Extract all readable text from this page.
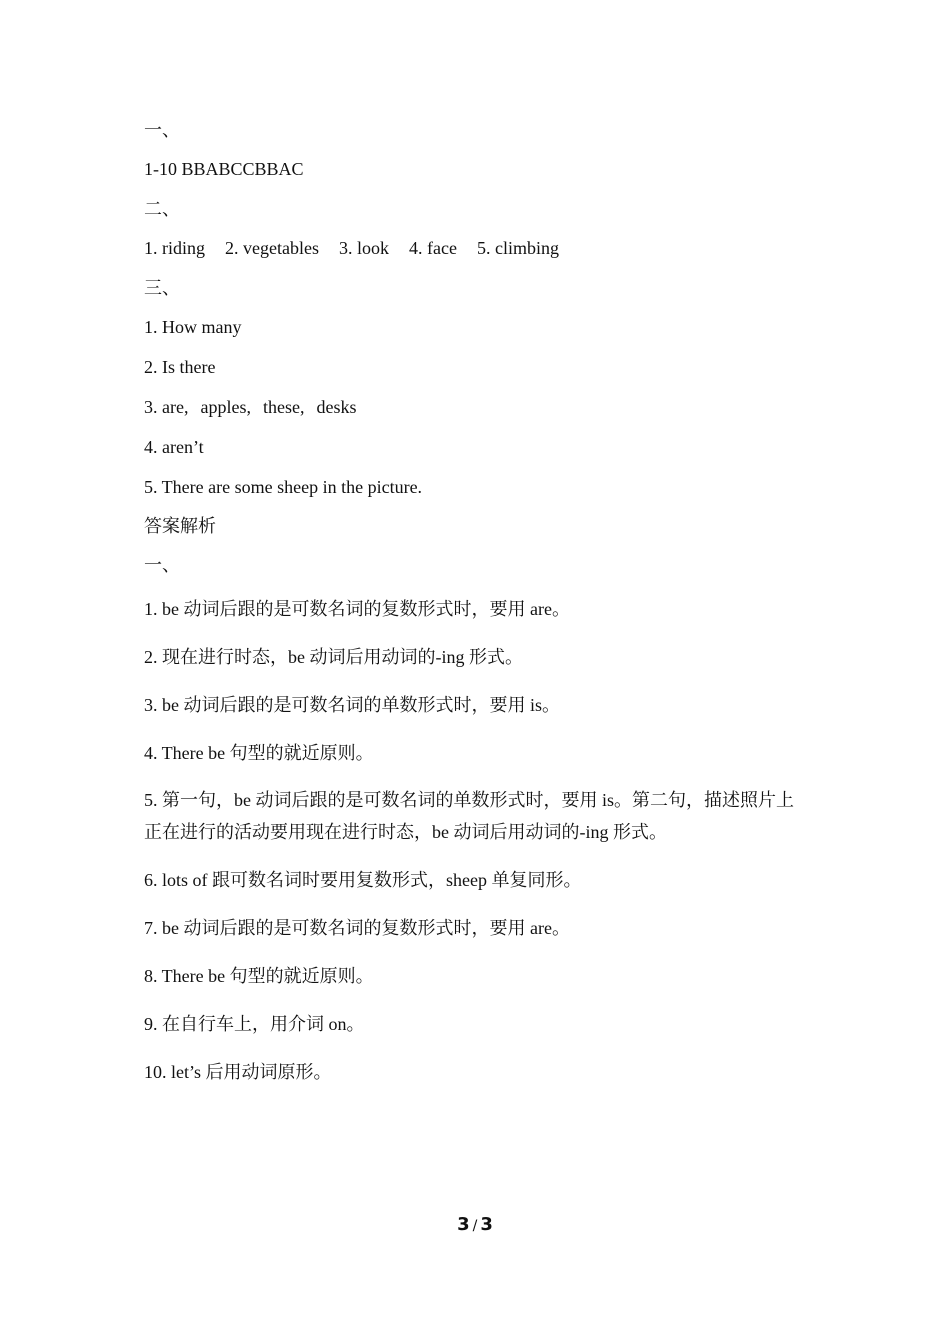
一、
1-10 BBABCCBBAC
二、
1. riding 2. vegetables 3. look 4. face 5. climbing
三、
1. How many
2. Is there
3. are, apples, these, desks
4. aren’t
5. There are some sheep in the picture.
答案解析
一、
1. be 动词后跟的是可数名词的复数形式时，要用 are。
2. 现在进行时态，be 动词后用动词的-ing 形式。
3. be 动词后跟的是可数名词的单数形式时，要用 is。
4. There be 句型的就近原则。
5. 第一句，be 动词后跟的是可数名词的单数形式时，要用 is。第二句，描述照片上正在进行的活动要用现在进行时态，be 动词后用动词的-ing 形式。
6. lots of 跟可数名词时要用复数形式，sheep 单复同形。
7. be 动词后跟的是可数名词的复数形式时，要用 are。
8. There be 句型的就近原则。
9. 在自行车上，用介词 on。
10. let’s 后用动词原形。
3 / 3
